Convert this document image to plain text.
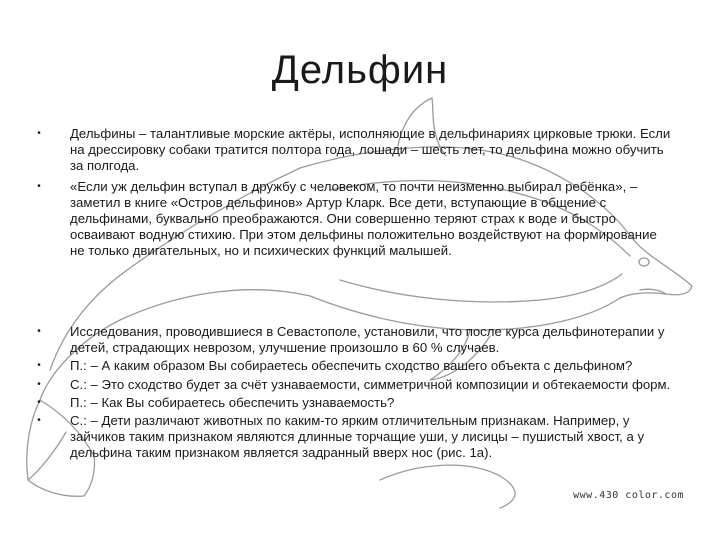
Дельфин

• Дельфины – талантливые морские актёры, исполняющие в дельфинариях цирковые трюки. Если на дрессировку собаки тратится полтора года, лошади – шесть лет, то дельфина можно обучить за полгода.

• «Если уж дельфин вступал в дружбу с человеком, то почти неизменно выбирал ребёнка», – заметил в книге «Остров дельфинов» Артур Кларк. Все дети, вступающие в общение с дельфинами, буквально преображаются. Они совершенно теряют страх к воде и быстро осваивают водную стихию. При этом дельфины положительно воздействуют на формирование не только двигательных, но и психических функций малышей.

• Исследования, проводившиеся в Севастополе, установили, что после курса дельфинотерапии у детей, страдающих неврозом, улучшение произошло в 60 % случаев.

• П.: – А каким образом Вы собираетесь обеспечить сходство вашего объекта с дельфином?

• С.: – Это сходство будет за счёт узнаваемости, симметричной композиции и обтекаемости форм.

• П.: – Как Вы собираетесь обеспечить узнаваемость?

• С.: – Дети различают животных по каким-то ярким отличительным признакам. Например, у зайчиков таким признаком являются длинные торчащие уши, у лисицы – пушистый хвост, а у дельфина таким признаком является задранный вверх нос (рис. 1а).

www.430 color.com
